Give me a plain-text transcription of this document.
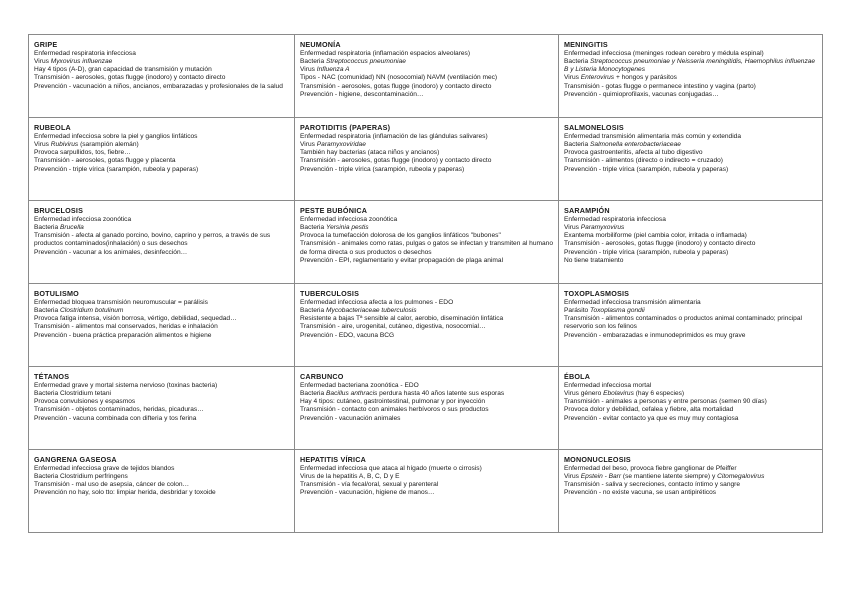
GRIPE
Enfermedad respiratoria infecciosa
Virus Myxovirus influenzae
Hay 4 tipos (A-D), gran capacidad de transmisión y mutación
Transmisión - aerosoles, gotas flugge (inodoro) y contacto directo
Prevención - vacunación a niños, ancianos, embarazadas y profesionales de la salud
NEUMONÍA
Enfermedad respiratoria (inflamación espacios alveolares)
Bacteria Streptococcus pneumoniae
Virus Influenza A
Tipos - NAC (comunidad) NN (nosocomial) NAVM (ventilación mec)
Transmisión - aerosoles, gotas flugge (inodoro) y contacto directo
Prevención - higiene, descontaminación…
MENINGITIS
Enfermedad infecciosa (meninges rodean cerebro y médula espinal)
Bacteria Streptococcus pneumoniae y Neisseria meningitidis, Haemophilus influenzae B y Listeria Monocytogenes
Virus Enterovirus + hongos y parásitos
Transmisión - gotas flugge o permanece intestino y vagina (parto)
Prevención - quimioprofilaxis, vacunas conjugadas…
RUBEOLA
Enfermedad infecciosa sobre la piel y ganglios linfáticos
Virus Rubivirus (sarampión alemán)
Provoca sarpullidos, tos, fiebre…
Transmisión - aerosoles, gotas flugge y placenta
Prevención - triple vírica (sarampión, rubeola y paperas)
PAROTIDITIS (PAPERAS)
Enfermedad respiratoria (inflamación de las glándulas salivares)
Virus Paramyxoviridae
También hay bacterias (ataca niños y ancianos)
Transmisión - aerosoles, gotas flugge (inodoro) y contacto directo
Prevención - triple vírica (sarampión, rubeola y paperas)
SALMONELOSIS
Enfermedad transmisión alimentaria más común y extendida
Bacteria Salmonella enterobacteriaceae
Provoca gastroenteritis, afecta al tubo digestivo
Transmisión - alimentos (directo o indirecto = cruzado)
Prevención - triple vírica (sarampión, rubeola y paperas)
BRUCELOSIS
Enfermedad infecciosa zoonótica
Bacteria Brucella
Transmisión - afecta al ganado porcino, bovino, caprino y perros, a través de sus productos contaminados(inhalación) o sus desechos
Prevención - vacunar a los animales, desinfección…
PESTE BUBÓNICA
Enfermedad infecciosa zoonótica
Bacteria Yersinia pestis
Provoca la tumefacción dolorosa de los ganglios linfáticos "bubones"
Transmisión - animales como ratas, pulgas o gatos se infectan y transmiten al humano de forma directa o sus productos o desechos
Prevención - EPI, reglamentario y evitar propagación de plaga animal
SARAMPIÓN
Enfermedad respiratoria infecciosa
Virus Paramyxovirus
Exantema morbiliforme (piel cambia color, irritada o inflamada)
Transmisión - aerosoles, gotas flugge (inodoro) y contacto directo
Prevención - triple vírica (sarampión, rubeola y paperas)
No tiene tratamiento
BOTULISMO
Enfermedad bloquea transmisión neuromuscular = parálisis
Bacteria Clostridium botulinum
Provoca fatiga intensa, visión borrosa, vértigo, debilidad, sequedad…
Transmisión - alimentos mal conservados, heridas e inhalación
Prevención - buena práctica preparación alimentos e higiene
TUBERCULOSIS
Enfermedad infecciosa afecta a los pulmones - EDO
Bacteria Mycobacteriaceae tuberculosis
Resistente a bajas Tª sensible al calor, aerobio, diseminación linfática
Transmisión - aire, urogenital, cutáneo, digestiva, nosocomial…
Prevención - EDO, vacuna BCG
TOXOPLASMOSIS
Enfermedad infecciosa transmisión alimentaria
Parásito Toxoplasma gondii
Transmisión - alimentos contaminados o productos animal contaminado; principal reservorio son los felinos
Prevención - embarazadas e inmunodeprimidos es muy grave
TÉTANOS
Enfermedad grave y mortal sistema nervioso (toxinas bacteria)
Bacteria Clostridium tetani
Provoca convulsiones y espasmos
Transmisión - objetos contaminados, heridas, picaduras…
Prevención - vacuna combinada con difteria y tos ferina
CARBUNCO
Enfermedad bacteriana zoonótica - EDO
Bacteria Bacillus anthracis perdura hasta 40 años latente sus esporas
Hay 4 tipos: cutáneo, gastrointestinal, pulmonar y por inyección
Transmisión - contacto con animales herbívoros o sus productos
Prevención - vacunación animales
ÉBOLA
Enfermedad infecciosa mortal
Virus género Ebolavirus (hay 6 especies)
Transmisión - animales a personas y entre personas (semen 90 días)
Provoca dolor y debilidad, cefalea y fiebre, alta mortalidad
Prevención - evitar contacto ya que es muy muy contagiosa
GANGRENA GASEOSA
Enfermedad infecciosa grave de tejidos blandos
Bacteria Clostridium perfringens
Transmisión - mal uso de asepsia, cáncer de colon…
Prevención no hay, solo tto: limpiar herida, desbridar y toxoide
HEPATITIS VÍRICA
Enfermedad infecciosa que ataca al hígado (muerte o cirrosis)
Virus de la hepatitis A, B, C, D y E
Transmisión - vía fecal/oral, sexual y parenteral
Prevención - vacunación, higiene de manos…
MONONUCLEOSIS
Enfermedad del beso, provoca fiebre ganglionar de Pfeiffer
Virus Epstein - Barr (se mantiene latente siempre) y Citomegalovirus
Transmisión - saliva y secreciones, contacto íntimo y sangre
Prevención - no existe vacuna, se usan antipiréticos
